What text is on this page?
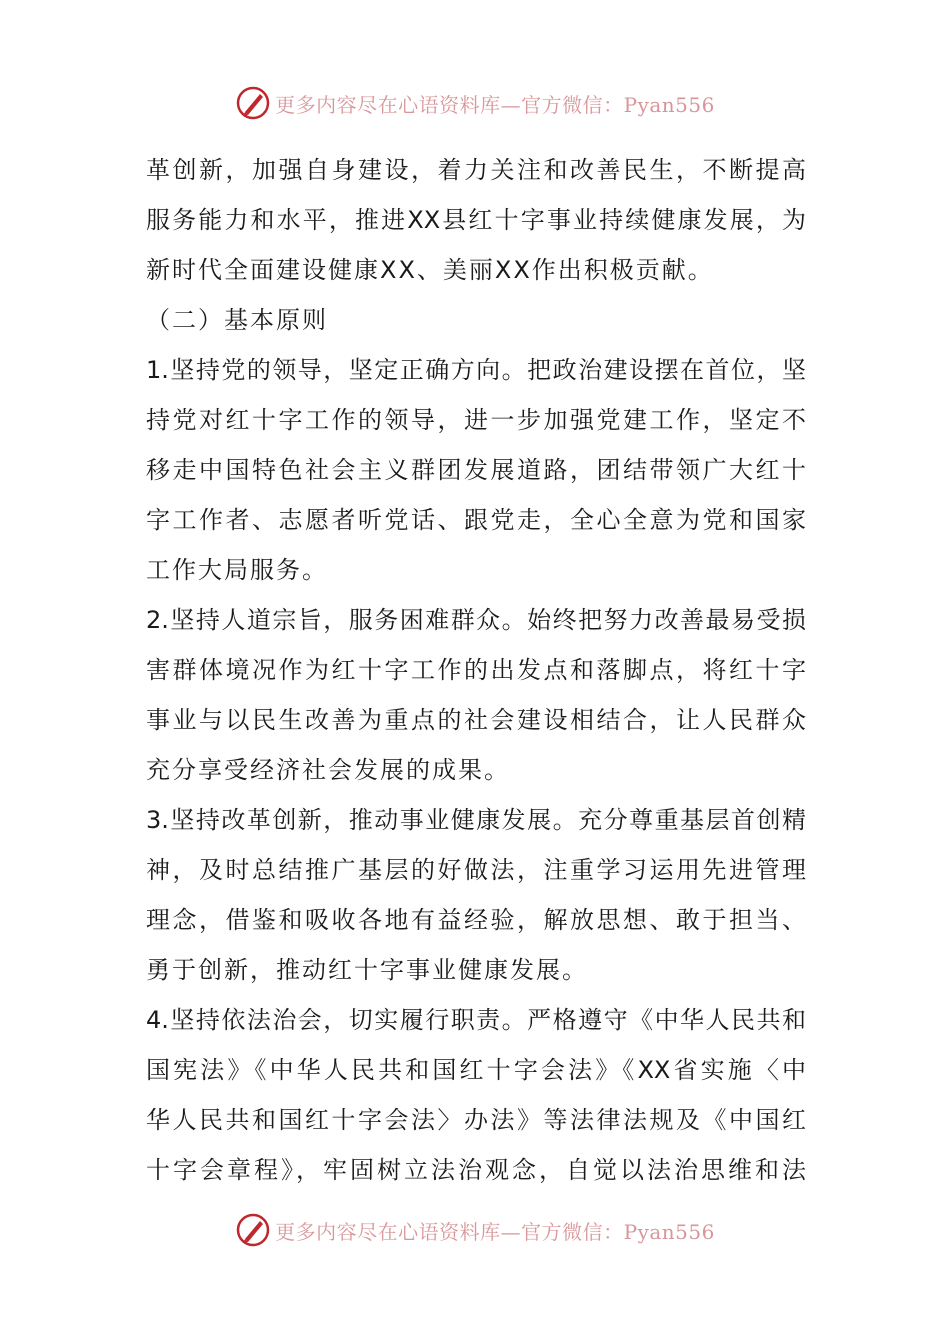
更多内容尽在心语资料库—官方微信：Pyan556
革创新，加强自身建设，着力关注和改善民生，不断提高
服务能力和水平，推进XX县红十字事业持续健康发展，为
新时代全面建设健康XX、美丽XX作出积极贡献。
（二）基本原则
1.坚持党的领导，坚定正确方向。把政治建设摆在首位，坚
持党对红十字工作的领导，进一步加强党建工作，坚定不
移走中国特色社会主义群团发展道路，团结带领广大红十
字工作者、志愿者听党话、跟党走，全心全意为党和国家
工作大局服务。
2.坚持人道宗旨，服务困难群众。始终把努力改善最易受损
害群体境况作为红十字工作的出发点和落脚点，将红十字
事业与以民生改善为重点的社会建设相结合，让人民群众
充分享受经济社会发展的成果。
3.坚持改革创新，推动事业健康发展。充分尊重基层首创精
神，及时总结推广基层的好做法，注重学习运用先进管理
理念，借鉴和吸收各地有益经验，解放思想、敢于担当、
勇于创新，推动红十字事业健康发展。
4.坚持依法治会，切实履行职责。严格遵守《中华人民共和
国宪法》《中华人民共和国红十字会法》《XX省实施〈中
华人民共和国红十字会法〉办法》等法律法规及《中国红
十字会章程》，牢固树立法治观念，自觉以法治思维和法
更多内容尽在心语资料库—官方微信：Pyan556
